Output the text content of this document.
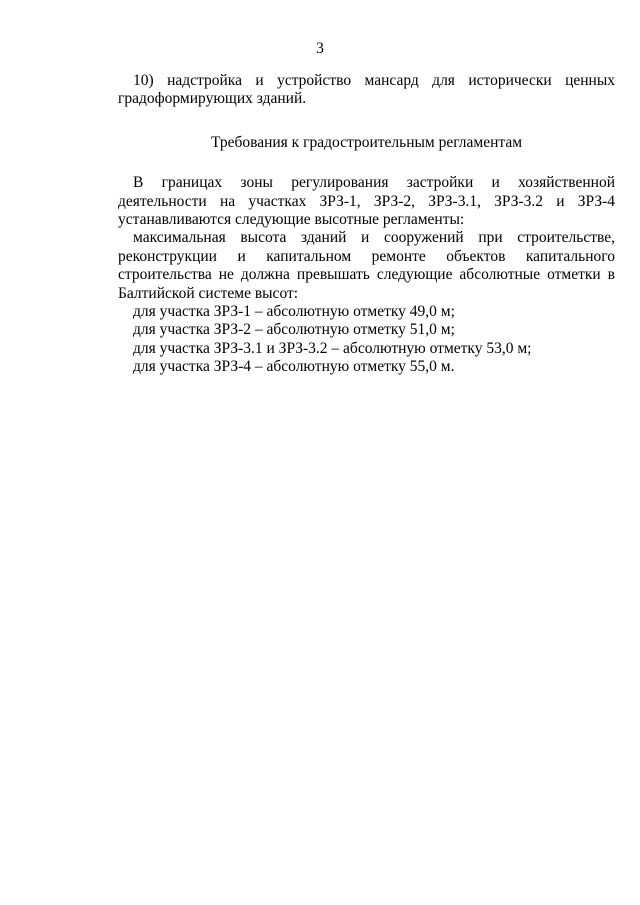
3

10) надстройка и устройство мансард для исторически ценных градоформирующих зданий.

Требования к градостроительным регламентам

В границах зоны регулирования застройки и хозяйственной деятельности на участках ЗРЗ-1, ЗРЗ-2, ЗРЗ-3.1, ЗРЗ-3.2 и ЗРЗ-4 устанавливаются следующие высотные регламенты:

максимальная высота зданий и сооружений при строительстве, реконструкции и капитальном ремонте объектов капитального строительства не должна превышать следующие абсолютные отметки в Балтийской системе высот:

для участка ЗРЗ-1 – абсолютную отметку 49,0 м;

для участка ЗРЗ-2 – абсолютную отметку 51,0 м;

для участка ЗРЗ-3.1 и ЗРЗ-3.2 – абсолютную отметку 53,0 м;

для участка ЗРЗ-4 – абсолютную отметку 55,0 м.
